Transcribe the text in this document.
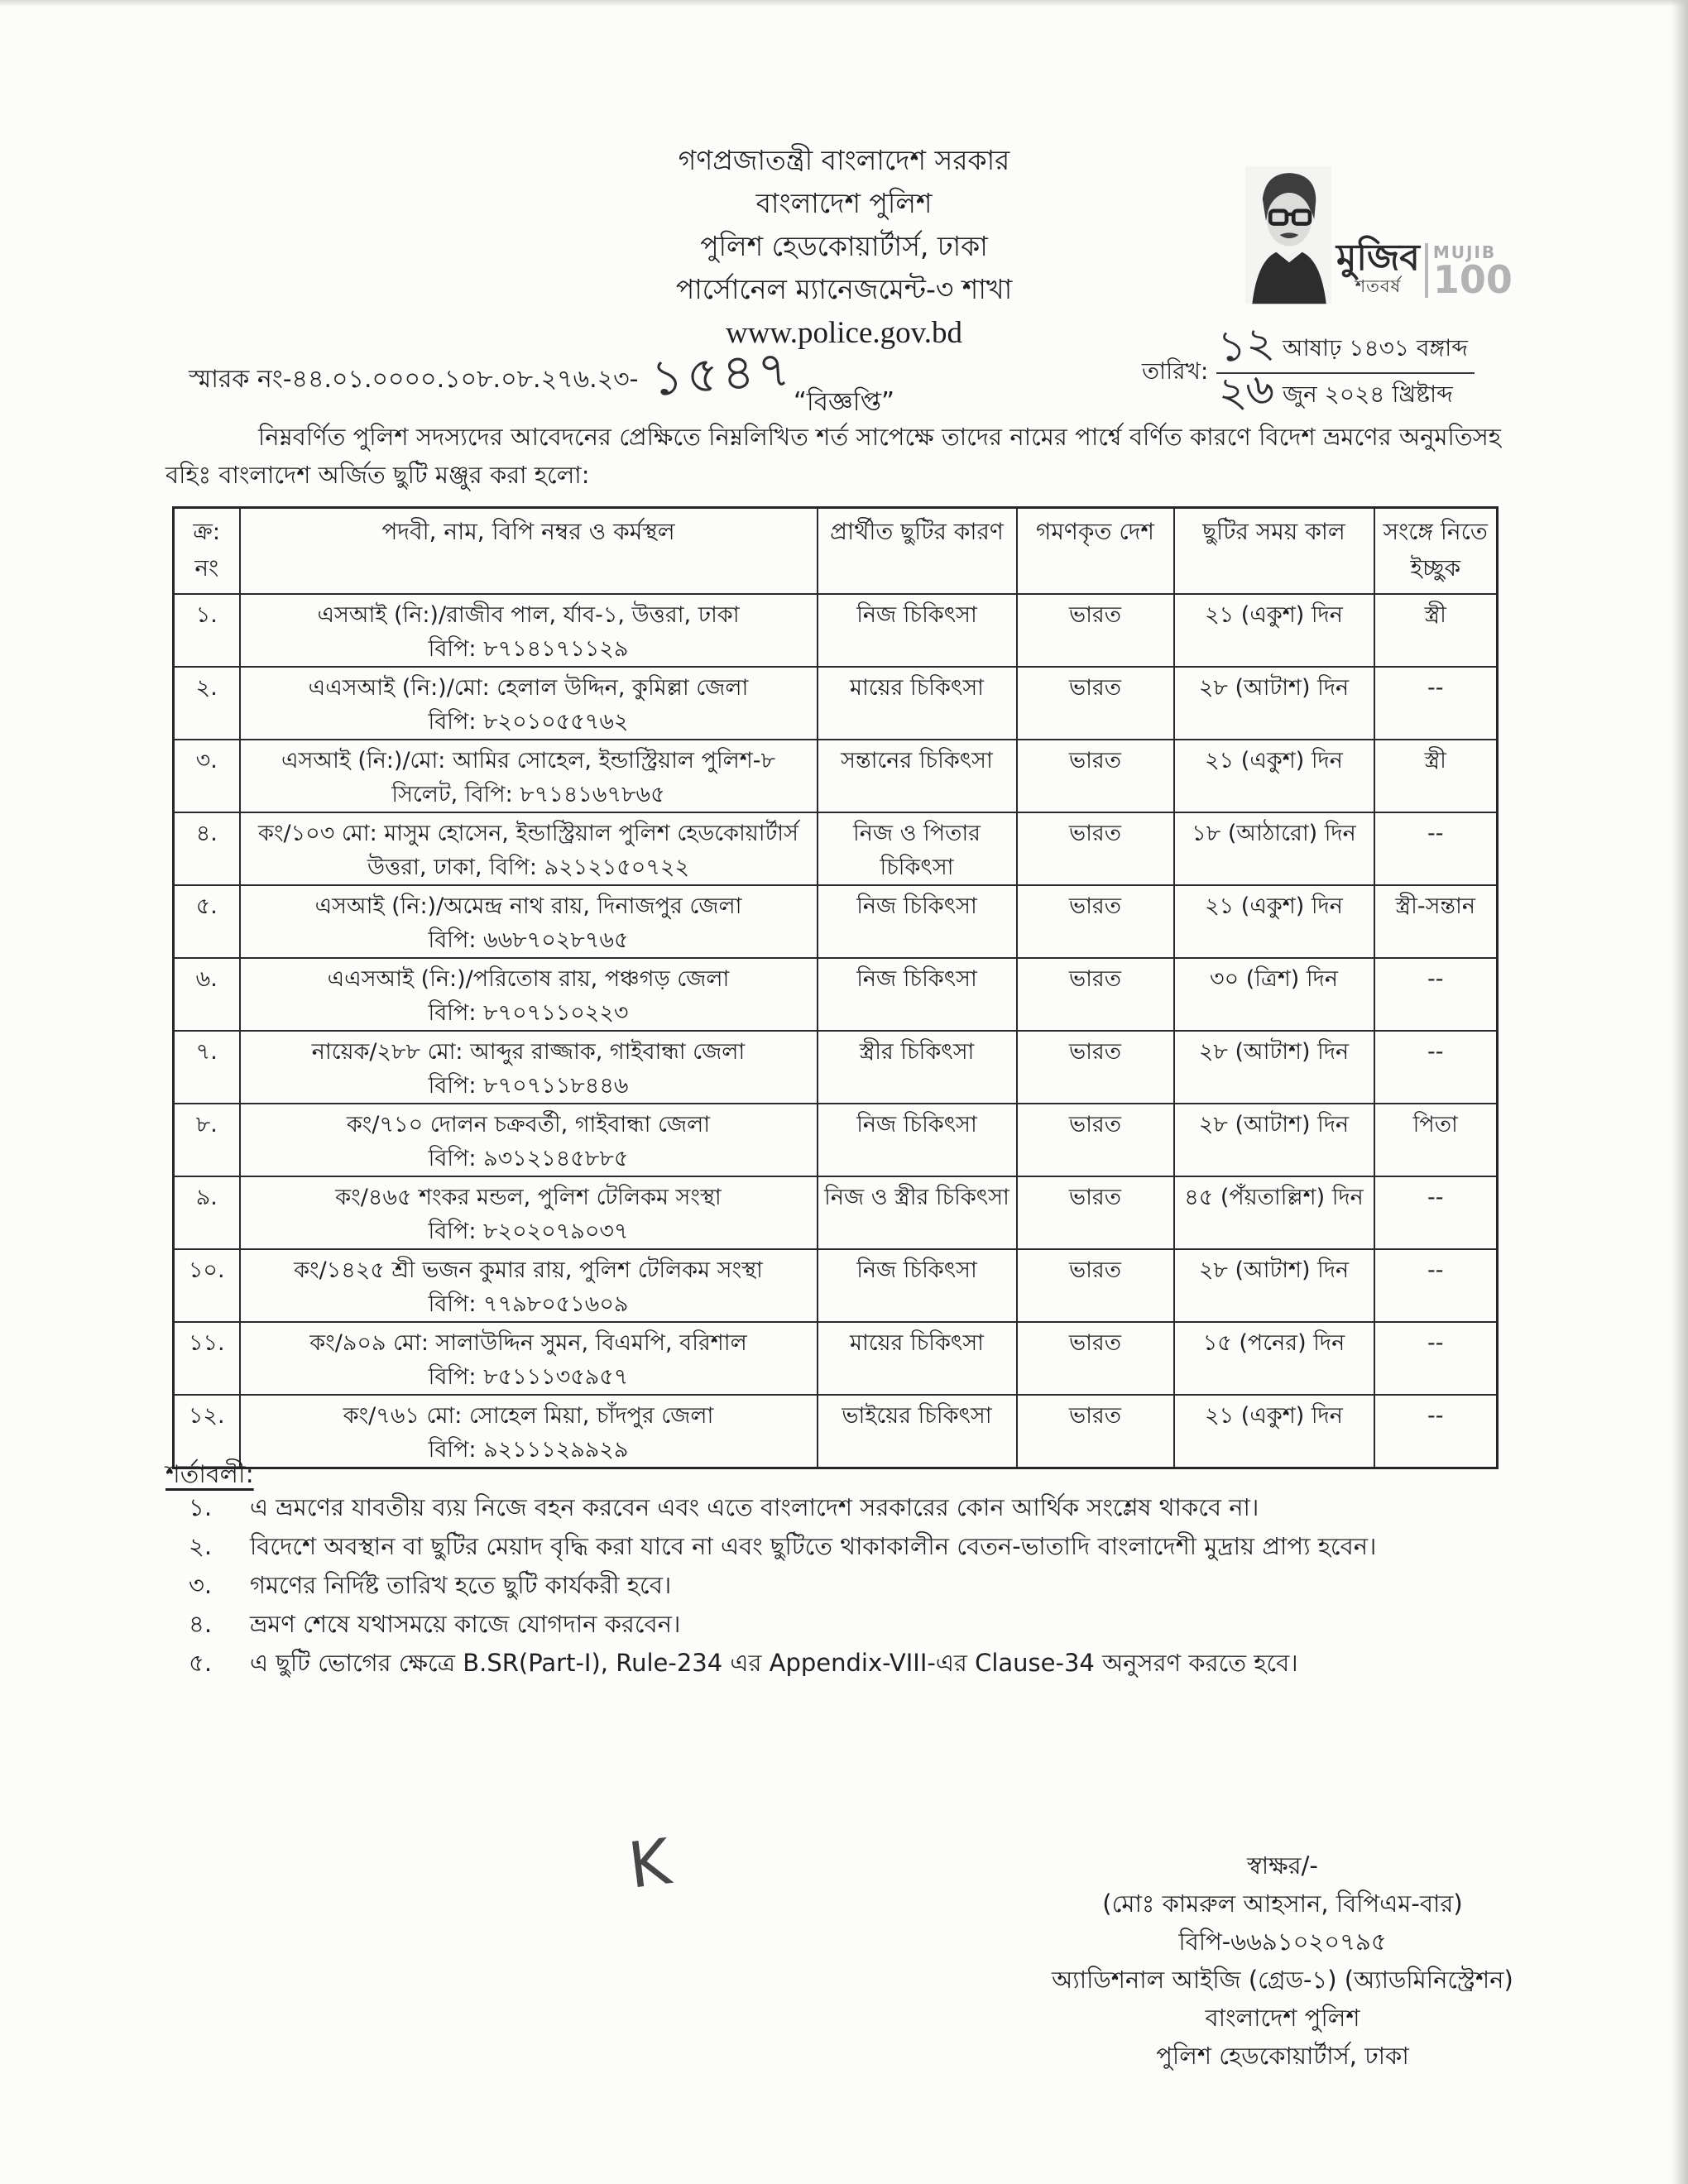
গণপ্রজাতন্ত্রী বাংলাদেশ সরকার
বাংলাদেশ পুলিশ
পুলিশ হেডকোয়ার্টার্স, ঢাকা
পার্সোনেল ম্যানেজমেন্ট-৩ শাখা
www.police.gov.bd
মুজিব
শতবর্ষ
MUJIB
100
স্মারক নং-৪৪.০১.০০০০.১০৮.০৮.২৭৬.২৩- ১৫৪৭	তারিখ: $\frac{\text{১২ আষাঢ় ১৪৩১ বঙ্গাব্দ}}{\text{২৬ জুন ২০২৪ খ্রিষ্টাব্দ}}$
“বিজ্ঞপ্তি”
নিম্নবর্ণিত পুলিশ সদস্যদের আবেদনের প্রেক্ষিতে নিম্নলিখিত শর্ত সাপেক্ষে তাদের নামের পার্শ্বে বর্ণিত কারণে বিদেশ ভ্রমণের অনুমতিসহ বহিঃ বাংলাদেশ অর্জিত ছুটি মঞ্জুর করা হলো:
ক্র:
নং

পদবী, নাম, বিপি নম্বর ও কর্মস্থল	প্রার্থীত ছুটির কারণ	গমণকৃত দেশ	ছুটির সময় কাল	সংঙ্গে নিতে
ইচ্ছুক

১.	এসআই (নি:)/রাজীব পাল, র্যাব-১, উত্তরা, ঢাকা
বিপি: ৮৭১৪১৭১১২৯	নিজ চিকিৎসা	ভারত	২১ (একুশ) দিন	স্ত্রী
২.	এএসআই (নি:)/মো: হেলাল উদ্দিন, কুমিল্লা জেলা
বিপি: ৮২০১০৫৫৭৬২	মায়ের চিকিৎসা	ভারত	২৮ (আটাশ) দিন	--
৩.	এসআই (নি:)/মো: আমির সোহেল, ইন্ডাস্ট্রিয়াল পুলিশ-৮
সিলেট, বিপি: ৮৭১৪১৬৭৮৬৫	সন্তানের চিকিৎসা	ভারত	২১ (একুশ) দিন	স্ত্রী
৪.	কং/১০৩ মো: মাসুম হোসেন, ইন্ডাস্ট্রিয়াল পুলিশ হেডকোয়ার্টার্স
উত্তরা, ঢাকা, বিপি: ৯২১২১৫০৭২২	নিজ ও পিতার চিকিৎসা	ভারত	১৮ (আঠারো) দিন	--
৫.	এসআই (নি:)/অমেন্দ্র নাথ রায়, দিনাজপুর জেলা
বিপি: ৬৬৮৭০২৮৭৬৫	নিজ চিকিৎসা	ভারত	২১ (একুশ) দিন	স্ত্রী-সন্তান
৬.	এএসআই (নি:)/পরিতোষ রায়, পঞ্চগড় জেলা
বিপি: ৮৭০৭১১০২২৩	নিজ চিকিৎসা	ভারত	৩০ (ত্রিশ) দিন	--
৭.	নায়েক/২৮৮ মো: আব্দুর রাজ্জাক, গাইবান্ধা জেলা
বিপি: ৮৭০৭১১৮৪৪৬	স্ত্রীর চিকিৎসা	ভারত	২৮ (আটাশ) দিন	--
৮.	কং/৭১০ দোলন চক্রবর্তী, গাইবান্ধা জেলা
বিপি: ৯৩১২১৪৫৮৮৫	নিজ চিকিৎসা	ভারত	২৮ (আটাশ) দিন	পিতা
৯.	কং/৪৬৫ শংকর মন্ডল, পুলিশ টেলিকম সংস্থা
বিপি: ৮২০২০৭৯০৩৭	নিজ ও স্ত্রীর চিকিৎসা	ভারত	৪৫ (পঁয়তাল্লিশ) দিন	--
১০.	কং/১৪২৫ শ্রী ভজন কুমার রায়, পুলিশ টেলিকম সংস্থা
বিপি: ৭৭৯৮০৫১৬০৯	নিজ চিকিৎসা	ভারত	২৮ (আটাশ) দিন	--
১১.	কং/৯০৯ মো: সালাউদ্দিন সুমন, বিএমপি, বরিশাল
বিপি: ৮৫১১১৩৫৯৫৭	মায়ের চিকিৎসা	ভারত	১৫ (পনের) দিন	--
১২.	কং/৭৬১ মো: সোহেল মিয়া, চাঁদপুর জেলা
বিপি: ৯২১১১২৯৯২৯	ভাইয়ের চিকিৎসা	ভারত	২১ (একুশ) দিন	--
শর্তাবলী:
১.	এ ভ্রমণের যাবতীয় ব্যয় নিজে বহন করবেন এবং এতে বাংলাদেশ সরকারের কোন আর্থিক সংশ্লেষ থাকবে না।
২.	বিদেশে অবস্থান বা ছুটির মেয়াদ বৃদ্ধি করা যাবে না এবং ছুটিতে থাকাকালীন বেতন-ভাতাদি বাংলাদেশী মুদ্রায় প্রাপ্য হবেন।
৩.	গমণের নির্দিষ্ট তারিখ হতে ছুটি কার্যকরী হবে।
৪.	ভ্রমণ শেষে যথাসময়ে কাজে যোগদান করবেন।
৫.	এ ছুটি ভোগের ক্ষেত্রে B.SR(Part-I), Rule-234 এর Appendix-VIII-এর Clause-34 অনুসরণ করতে হবে।
K	স্বাক্ষর/-
(মোঃ কামরুল আহসান, বিপিএম-বার)
বিপি-৬৬৯১০২০৭৯৫
অ্যাডিশনাল আইজি (গ্রেড-১) (অ্যাডমিনিস্ট্রেশন)
বাংলাদেশ পুলিশ
পুলিশ হেডকোয়ার্টার্স, ঢাকা
